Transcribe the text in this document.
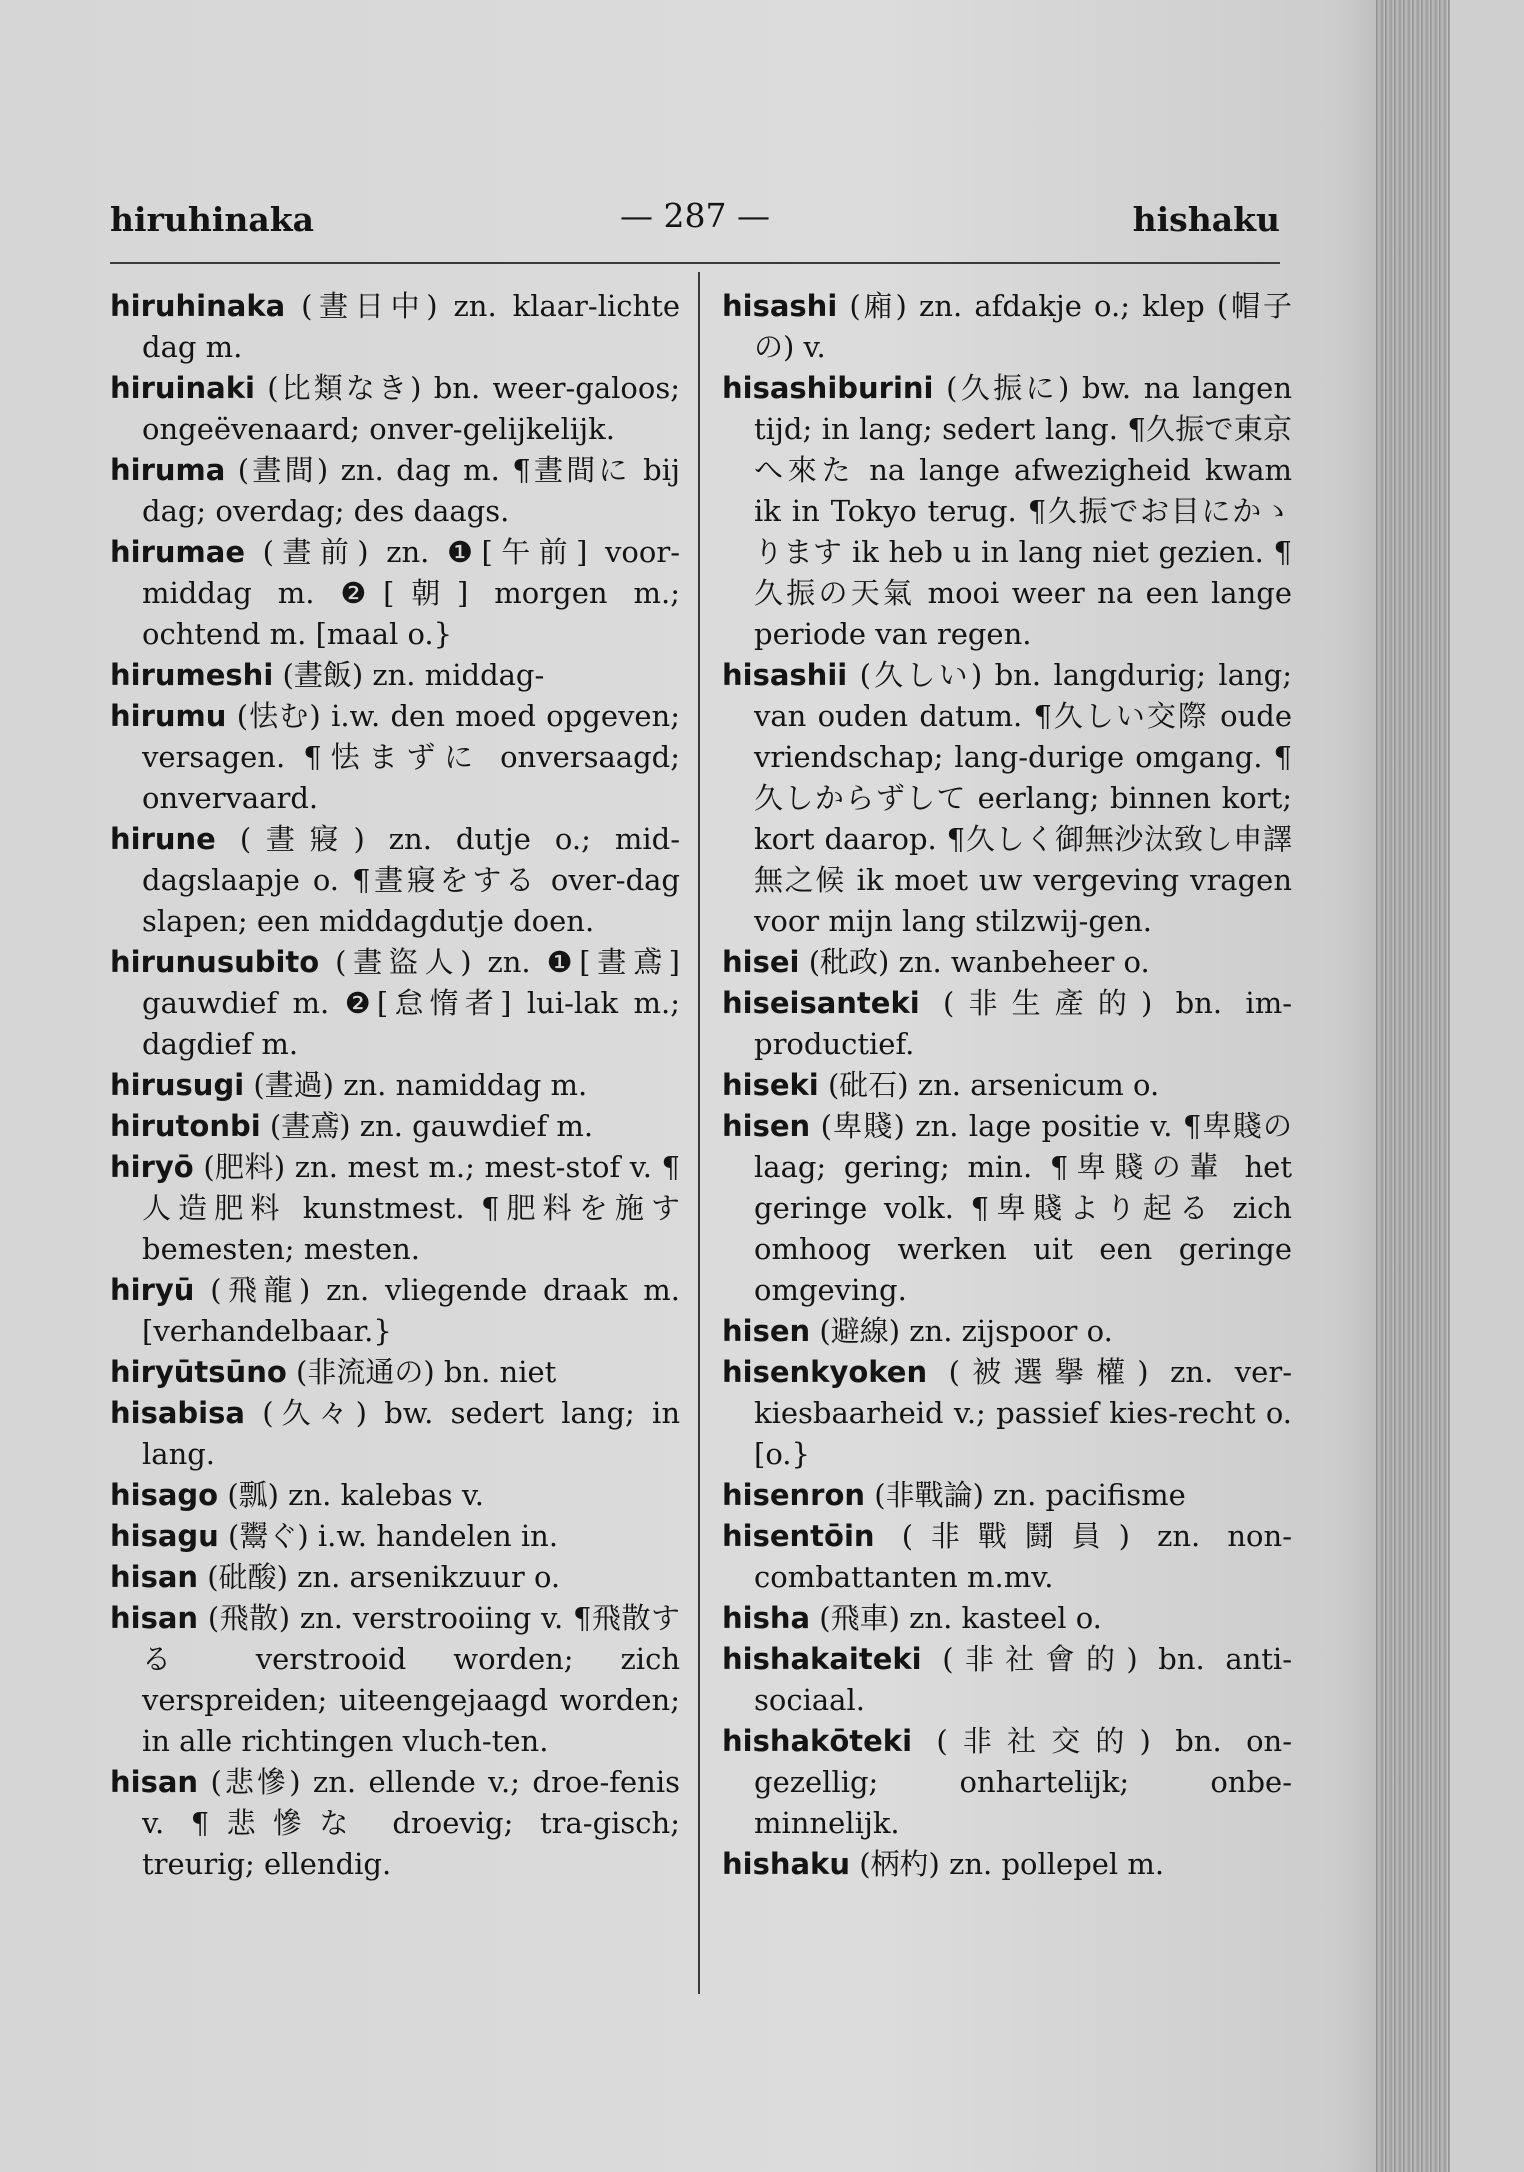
hiruhinaka	— 287 —	hishaku
hiruhinaka (晝日中) zn. klaar-lichte dag m.
hiruinaki (比類なき) bn. weer-galoos; ongeëvenaard; onver-gelijkelijk.
hiruma (晝間) zn. dag m. ¶晝間に bij dag; overdag; des daags.
hirumae (晝前) zn. ❶[午前] voor-middag m. ❷[朝] morgen m.; ochtend m. [maal o.}
hirumeshi (晝飯) zn. middag-
hirumu (怯む) i.w. den moed opgeven; versagen. ¶怯まずに onversaagd; onvervaard.
hirune (晝寢) zn. dutje o.; mid-dagslaapje o. ¶晝寢をする over-dag slapen; een middagdutje doen.
hirunusubito (晝盜人) zn. ❶[晝鳶] gauwdief m. ❷[怠惰者] lui-lak m.; dagdief m.
hirusugi (晝過) zn. namiddag m.
hirutonbi (晝鳶) zn. gauwdief m.
hiryō (肥料) zn. mest m.; mest-stof v. ¶人造肥料 kunstmest. ¶肥料を施す bemesten; mesten.
hiryū (飛龍) zn. vliegende draak m. [verhandelbaar.}
hiryūtsūno (非流通の) bn. niet
hisabisa (久々) bw. sedert lang; in lang.
hisago (瓢) zn. kalebas v.
hisagu (鬻ぐ) i.w. handelen in.
hisan (砒酸) zn. arsenikzuur o.
hisan (飛散) zn. verstrooiing v. ¶飛散する verstrooid worden; zich verspreiden; uiteengejaagd worden; in alle richtingen vluch-ten.
hisan (悲慘) zn. ellende v.; droe-fenis v. ¶悲慘な droevig; tra-gisch; treurig; ellendig.
hisashi (廂) zn. afdakje o.; klep (帽子の) v.
hisashiburini (久振に) bw. na langen tijd; in lang; sedert lang. ¶久振で東京へ來た na lange afwezigheid kwam ik in Tokyo terug. ¶久振でお目にかゝります ik heb u in lang niet gezien. ¶久振の天氣 mooi weer na een lange periode van regen.
hisashii (久しい) bn. langdurig; lang; van ouden datum. ¶久しい交際 oude vriendschap; lang-durige omgang. ¶久しからずして eerlang; binnen kort; kort daarop. ¶久しく御無沙汰致し申譯無之候 ik moet uw vergeving vragen voor mijn lang stilzwij-gen.
hisei (秕政) zn. wanbeheer o.
hiseisanteki (非生產的) bn. im-productief.
hiseki (砒石) zn. arsenicum o.
hisen (卑賤) zn. lage positie v. ¶卑賤の laag; gering; min. ¶卑賤の輩 het geringe volk. ¶卑賤より起る zich omhoog werken uit een geringe omgeving.
hisen (避線) zn. zijspoor o.
hisenkyoken (被選擧權) zn. ver-kiesbaarheid v.; passief kies-recht o. [o.}
hisenron (非戰論) zn. pacifisme
hisentōin (非戰鬪員) zn. non-combattanten m.mv.
hisha (飛車) zn. kasteel o.
hishakaiteki (非社會的) bn. anti-sociaal.
hishakōteki (非社交的) bn. on-gezellig; onhartelijk; onbe-minnelijk.
hishaku (柄杓) zn. pollepel m.
